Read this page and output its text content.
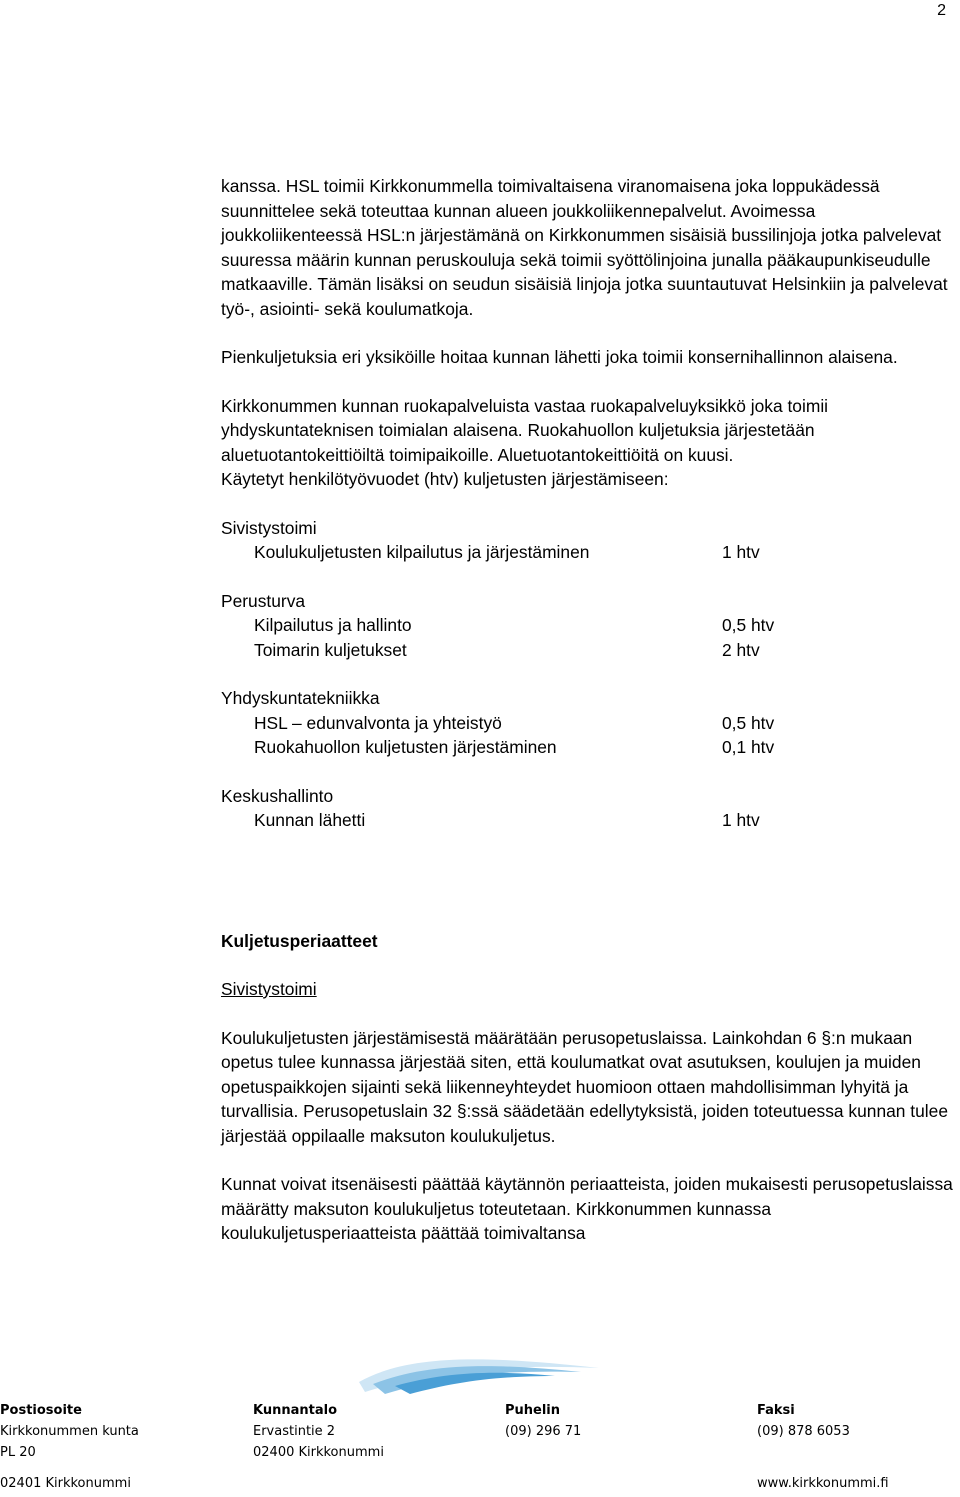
2

kanssa. HSL toimii Kirkkonummella toimivaltaisena viranomaisena joka loppukädessä suunnittelee sekä toteuttaa kunnan alueen joukkoliikennepalvelut. Avoimessa joukkoliikenteessä HSL:n järjestämänä on Kirkkonummen sisäisiä bussilinjoja jotka palvelevat suuressa määrin kunnan peruskouluja sekä toimii syöttölinjoina junalla pääkaupunkiseudulle matkaaville. Tämän lisäksi on seudun sisäisiä linjoja jotka suuntautuvat Helsinkiin ja palvelevat työ-, asiointi- sekä koulumatkoja.

Pienkuljetuksia eri yksiköille hoitaa kunnan lähetti joka toimii konsernihallinnon alaisena.

Kirkkonummen kunnan ruokapalveluista vastaa ruokapalveluyksikkö joka toimii yhdyskuntateknisen toimialan alaisena. Ruokahuollon kuljetuksia järjestetään aluetuotantokeittiöiltä toimipaikoille. Aluetuotantokeittiöitä on kuusi.

Käytetyt henkilötyövuodet (htv) kuljetusten järjestämiseen:

Sivistystoimi
Koulukuljetusten kilpailutus ja järjestäminen	1 htv
Perusturva
Kilpailutus ja hallinto	0,5 htv
Toimarin kuljetukset	2 htv
Yhdyskuntatekniikka
HSL – edunvalvonta ja yhteistyö	0,5 htv
Ruokahuollon kuljetusten järjestäminen	0,1 htv
Keskushallinto
Kunnan lähetti	1 htv
Kuljetusperiaatteet
Sivistystoimi

Koulukuljetusten järjestämisestä määrätään perusopetuslaissa. Lainkohdan 6 §:n mukaan opetus tulee kunnassa järjestää siten, että koulumatkat ovat asutuksen, koulujen ja muiden opetuspaikkojen sijainti sekä liikenneyhteydet huomioon ottaen mahdollisimman lyhyitä ja turvallisia. Perusopetuslain 32 §:ssä säädetään edellytyksistä, joiden toteutuessa kunnan tulee järjestää oppilaalle maksuton koulukuljetus.

Kunnat voivat itsenäisesti päättää käytännön periaatteista, joiden mukaisesti perusopetuslaissa määrätty maksuton koulukuljetus toteutetaan. Kirkkonummen kunnassa koulukuljetusperiaatteista päättää toimivaltansa

Postiosoite
Kirkkonummen kunta
PL 20
02401 Kirkkonummi
Kunnantalo
Ervastintie 2
02400 Kirkkonummi
Puhelin
(09) 296 71
Faksi
(09) 878 6053
www.kirkkonummi.fi
